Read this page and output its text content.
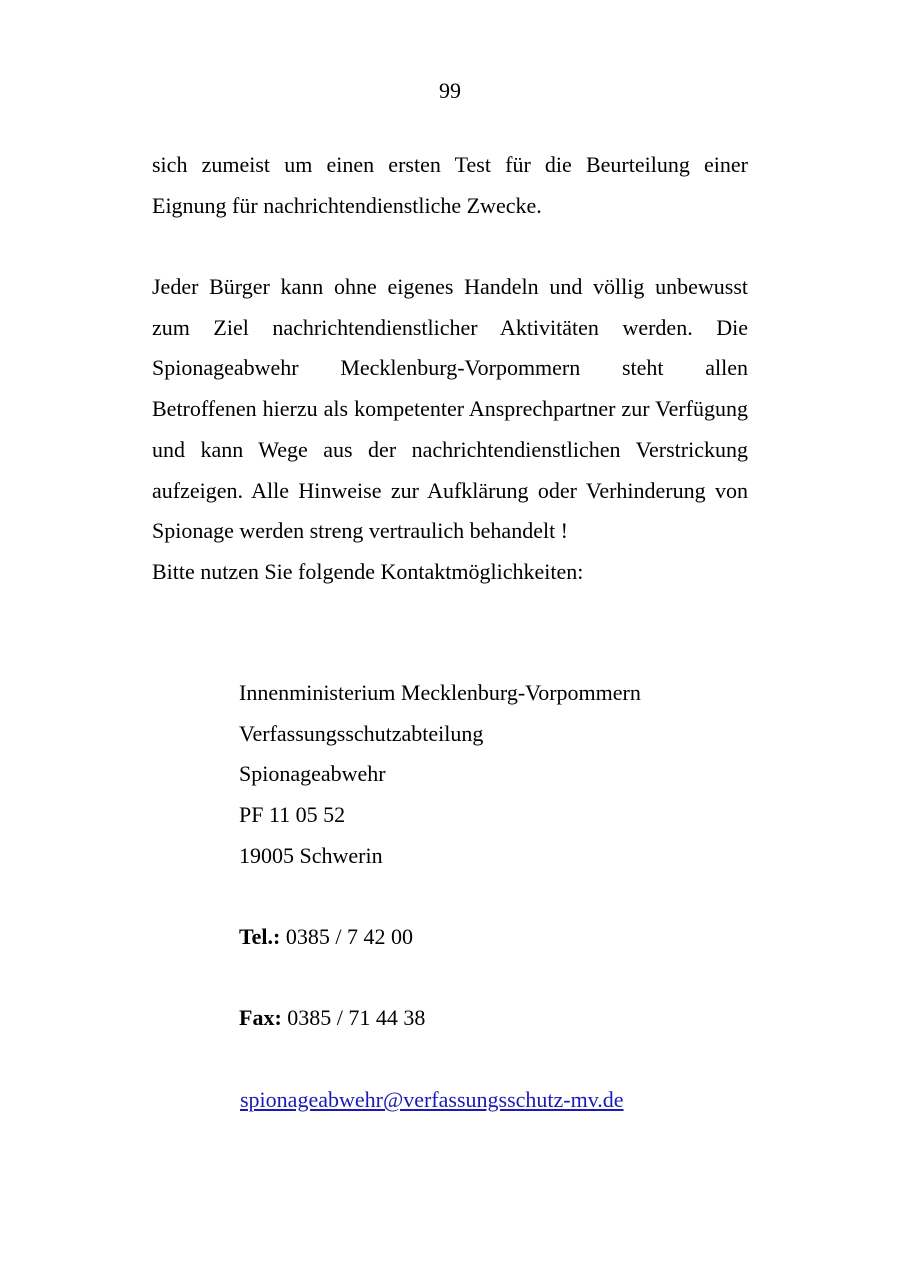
99

sich zumeist um einen ersten Test für die Beurteilung einer Eignung für nachrichtendienstliche Zwecke.

Jeder Bürger kann ohne eigenes Handeln und völlig unbewusst zum Ziel nachrichtendienstlicher Aktivitäten werden. Die Spionageabwehr Mecklenburg-Vorpommern steht allen Betroffenen hierzu als kompetenter Ansprechpartner zur Verfügung und kann Wege aus der nachrichtendienstlichen Verstrickung aufzeigen. Alle Hinweise zur Aufklärung oder Verhinderung von Spionage werden streng vertraulich behandelt !

Bitte nutzen Sie folgende Kontaktmöglichkeiten:

Innenministerium Mecklenburg-Vorpommern
Verfassungsschutzabteilung
Spionageabwehr
PF 11 05 52
19005 Schwerin
Tel.: 0385 / 7 42 00
Fax: 0385 / 71 44 38
spionageabwehr@verfassungsschutz-mv.de
